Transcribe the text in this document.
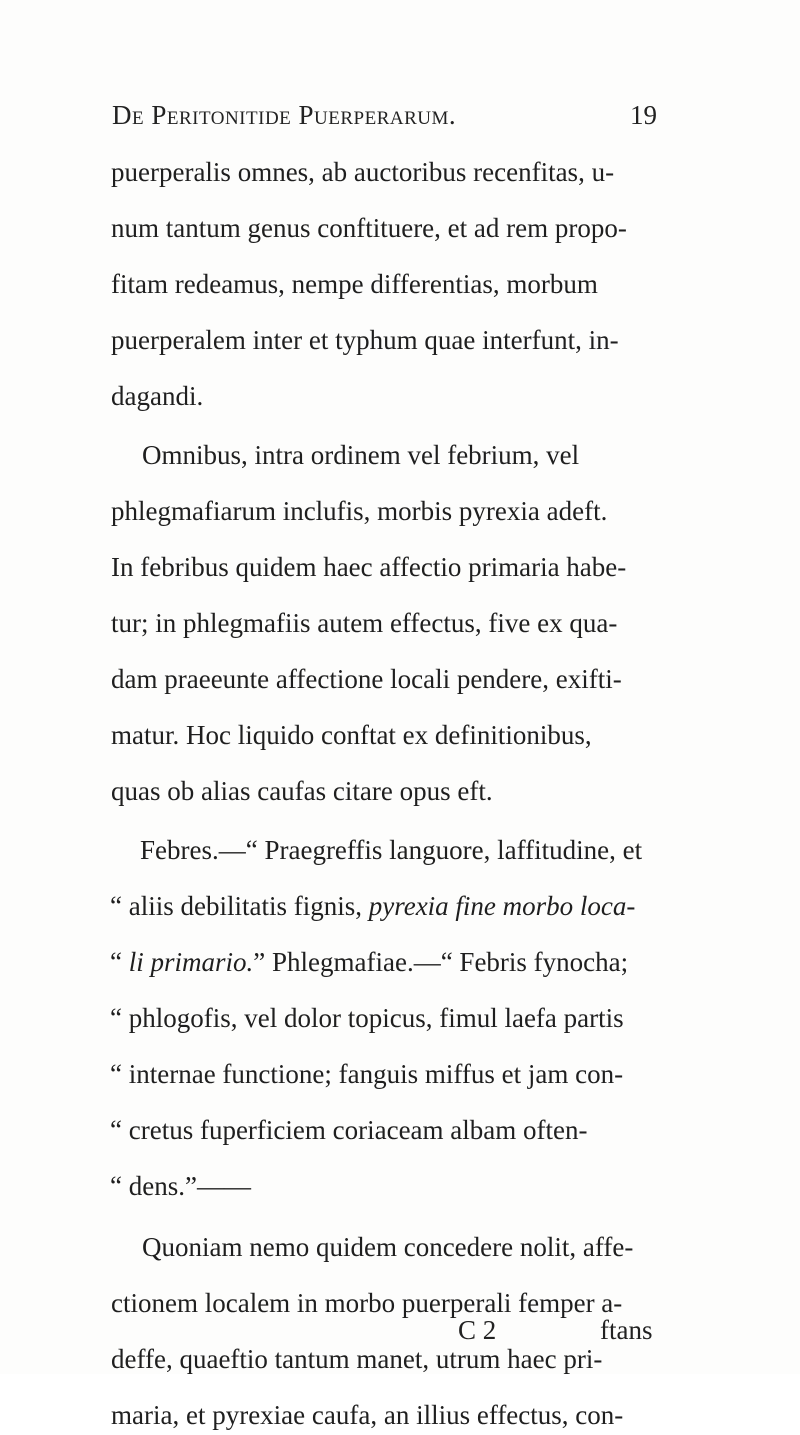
De Peritonitide Puerperarum.	19
puerperalis omnes, ab auctoribus recenfitas, u-
num tantum genus conftituere, et ad rem propo-
fitam redeamus, nempe differentias, morbum
puerperalem inter et typhum quae interfunt, in-
dagandi.
Omnibus, intra ordinem vel febrium, vel
phlegmafiarum inclufis, morbis pyrexia adeft.
In febribus quidem haec affectio primaria habe-
tur; in phlegmafiis autem effectus, five ex qua-
dam praeeunte affectione locali pendere, exifti-
matur. Hoc liquido conftat ex definitionibus,
quas ob alias caufas citare opus eft.
Febres.—“ Praegreffis languore, laffitudine, et
“ aliis debilitatis fignis, pyrexia fine morbo loca-
“ li primario.” Phlegmafiae.—“ Febris fynocha;
“ phlogofis, vel dolor topicus, fimul laefa partis
“ internae functione; fanguis miffus et jam con-
“ cretus fuperficiem coriaceam albam often-
“ dens.”——
Quoniam nemo quidem concedere nolit, affe-
ctionem localem in morbo puerperali femper a-
deffe, quaeftio tantum manet, utrum haec pri-
maria, et pyrexiae caufa, an illius effectus, con-
C 2	ftans
